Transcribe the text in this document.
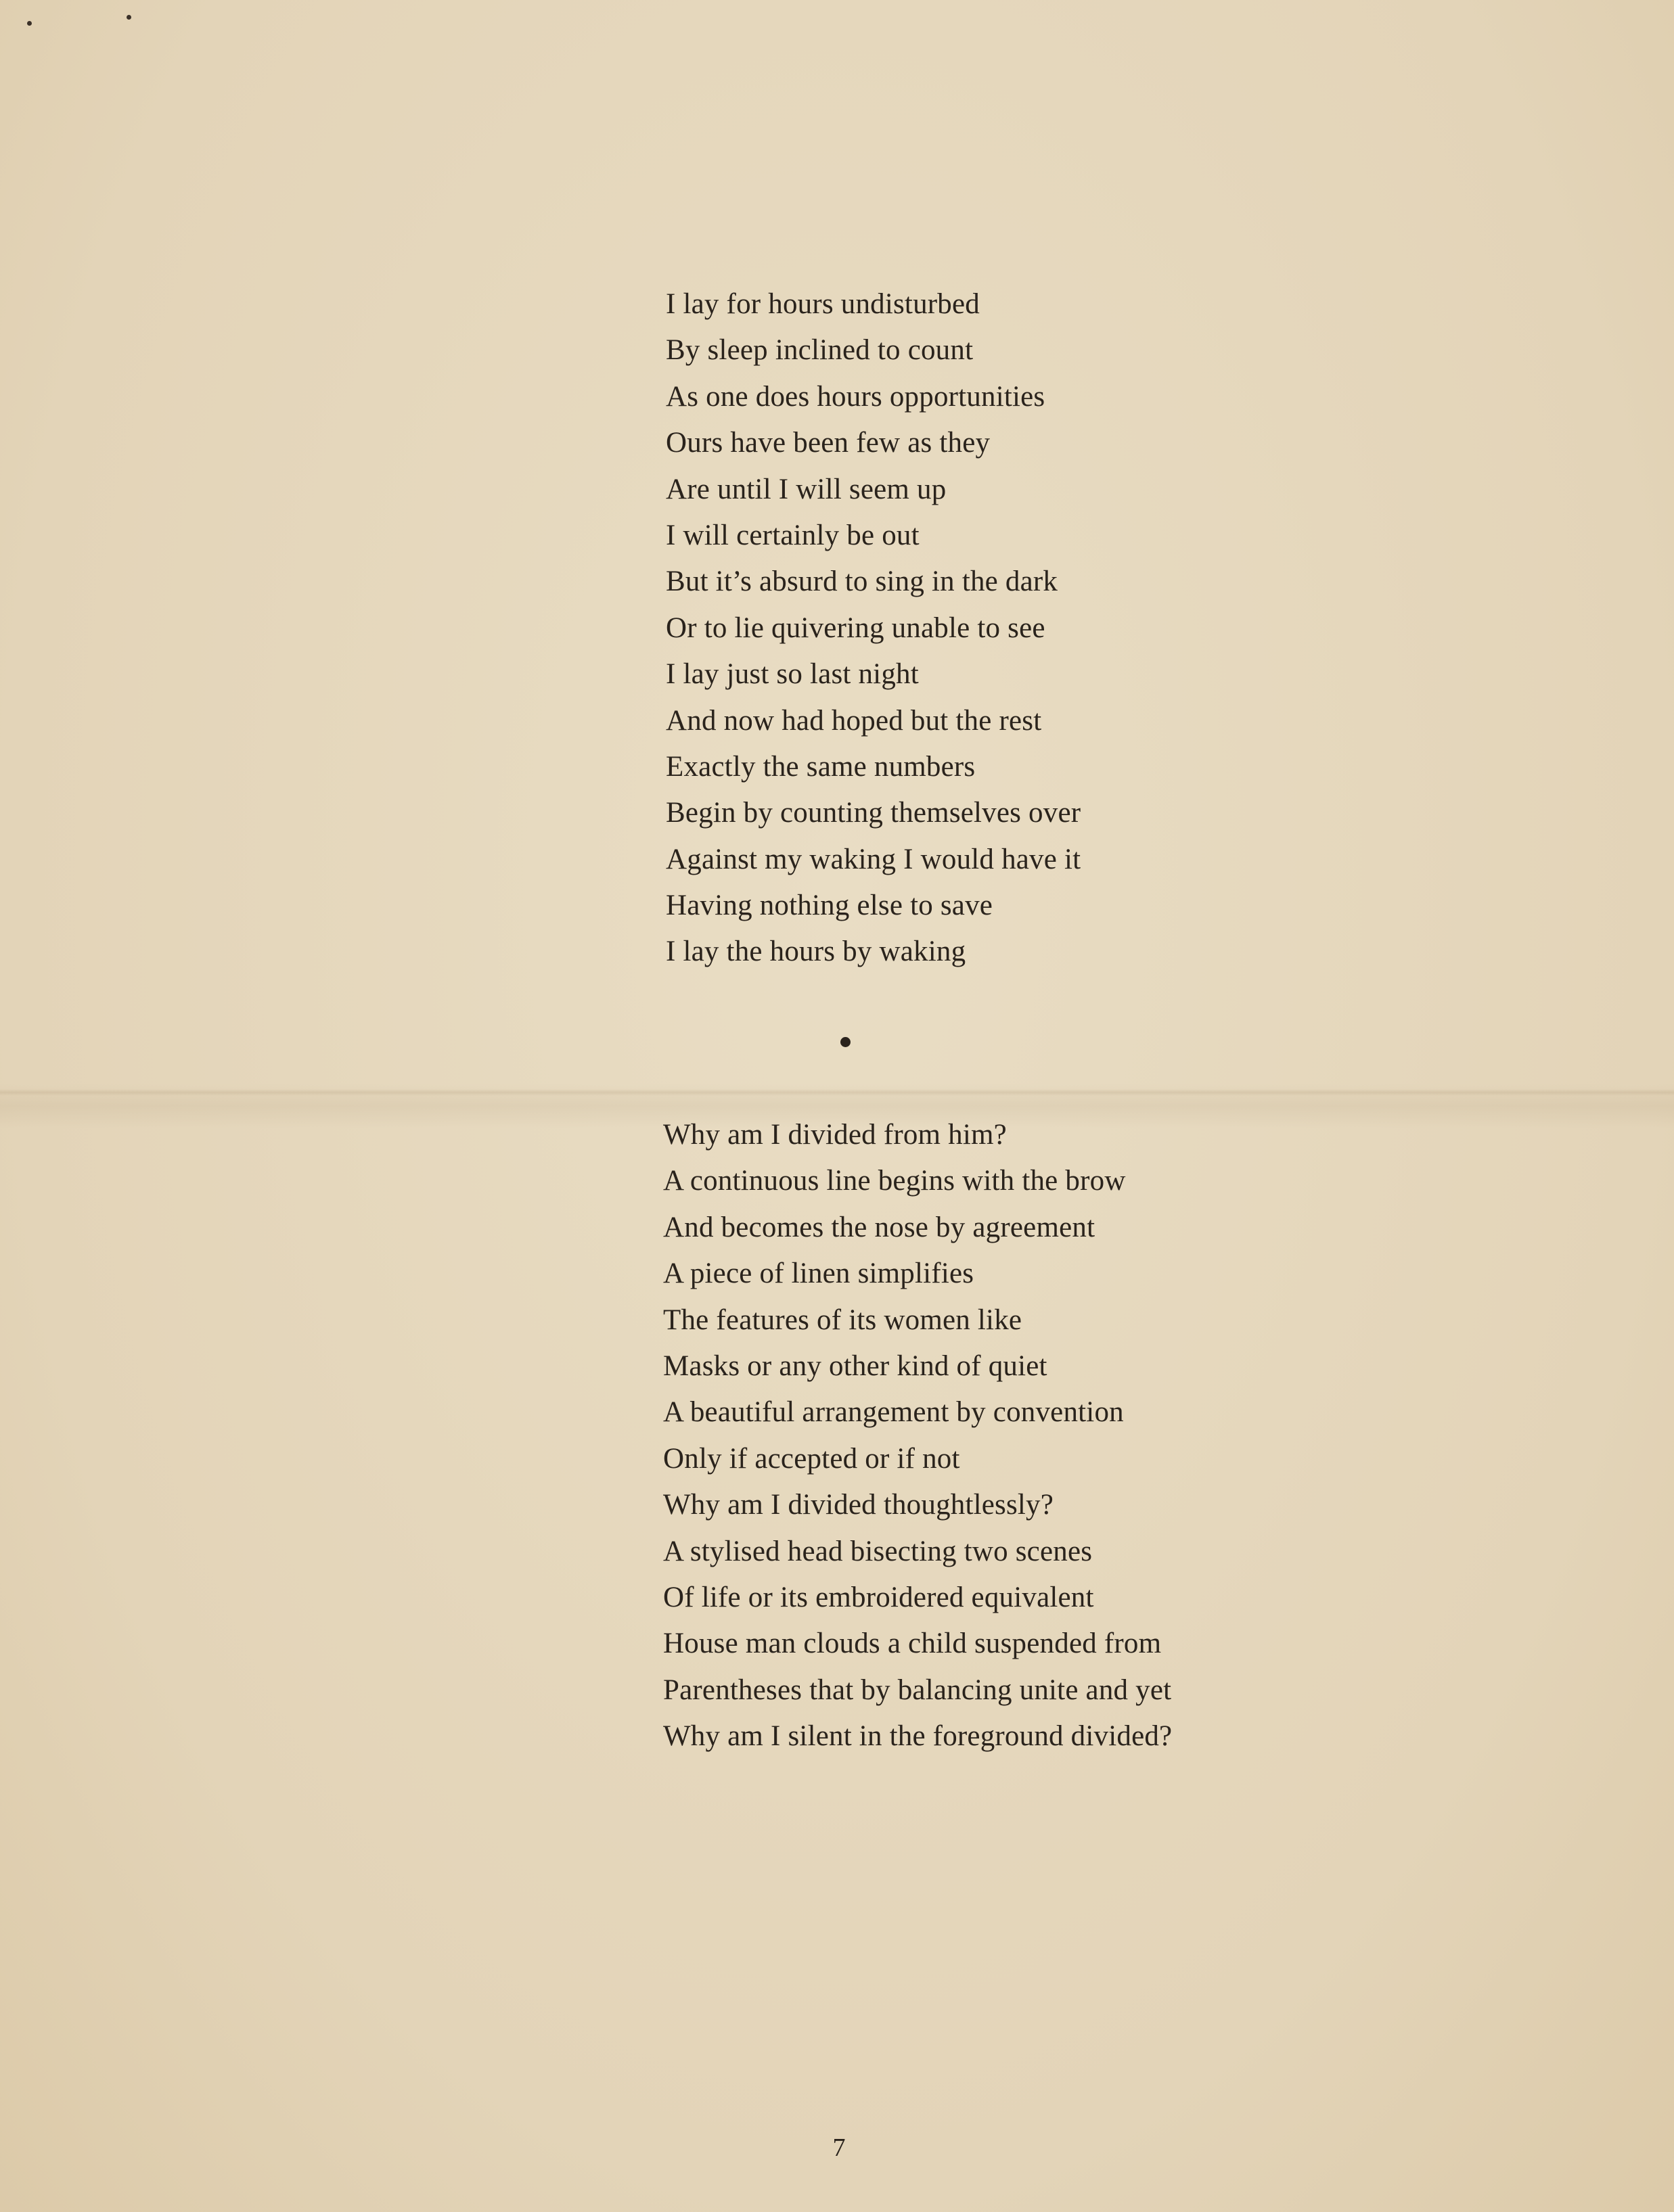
I lay for hours undisturbed
By sleep inclined to count
As one does hours opportunities
Ours have been few as they
Are until I will seem up
I will certainly be out
But it’s absurd to sing in the dark
Or to lie quivering unable to see
I lay just so last night
And now had hoped but the rest
Exactly the same numbers
Begin by counting themselves over
Against my waking I would have it
Having nothing else to save
I lay the hours by waking
Why am I divided from him?
A continuous line begins with the brow
And becomes the nose by agreement
A piece of linen simplifies
The features of its women like
Masks or any other kind of quiet
A beautiful arrangement by convention
Only if accepted or if not
Why am I divided thoughtlessly?
A stylised head bisecting two scenes
Of life or its embroidered equivalent
House man clouds a child suspended from
Parentheses that by balancing unite and yet
Why am I silent in the foreground divided?
7
